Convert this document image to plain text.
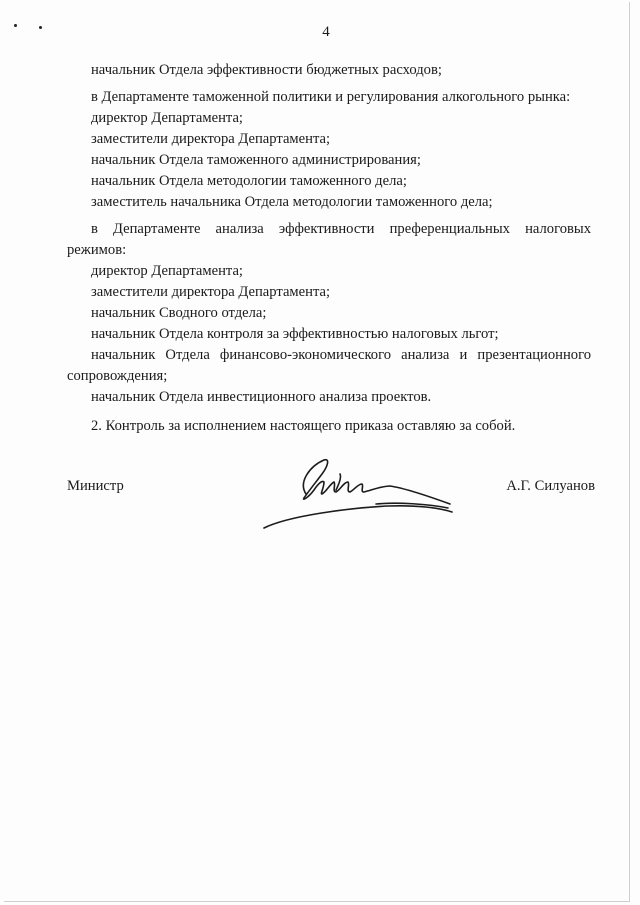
4
начальник Отдела эффективности бюджетных расходов;
в Департаменте таможенной политики и регулирования алкогольного рынка:
директор Департамента;
заместители директора Департамента;
начальник Отдела таможенного администрирования;
начальник Отдела методологии таможенного дела;
заместитель начальника Отдела методологии таможенного дела;
в Департаменте анализа эффективности преференциальных налоговых режимов:
директор Департамента;
заместители директора Департамента;
начальник Сводного отдела;
начальник Отдела контроля за эффективностью налоговых льгот;
начальник Отдела финансово-экономического анализа и презентационного сопровождения;
начальник Отдела инвестиционного анализа проектов.
2. Контроль за исполнением настоящего приказа оставляю за собой.
Министр	А.Г. Силуанов
